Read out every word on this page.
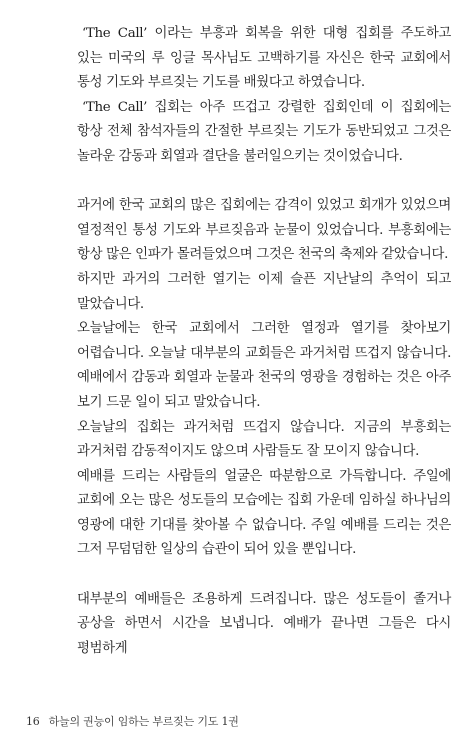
‘The Call’ 이라는 부흥과 회복을 위한 대형 집회를 주도하고 있는 미국의 루 잉글 목사님도 고백하기를 자신은 한국 교회에서 통성 기도와 부르짖는 기도를 배웠다고 하였습니다.

‘The Call’ 집회는 아주 뜨겁고 강렬한 집회인데 이 집회에는 항상 전체 참석자들의 간절한 부르짖는 기도가 동반되었고 그것은 놀라운 감동과 회열과 결단을 불러일으키는 것이었습니다.

과거에 한국 교회의 많은 집회에는 감격이 있었고 회개가 있었으며 열정적인 통성 기도와 부르짖음과 눈물이 있었습니다. 부흥회에는 항상 많은 인파가 몰려들었으며 그것은 천국의 축제와 같았습니다.

하지만 과거의 그러한 열기는 이제 슬픈 지난날의 추억이 되고 말았습니다.

오늘날에는 한국 교회에서 그러한 열정과 열기를 찾아보기 어렵습니다. 오늘날 대부분의 교회들은 과거처럼 뜨겁지 않습니다. 예배에서 감동과 회열과 눈물과 천국의 영광을 경험하는 것은 아주 보기 드문 일이 되고 말았습니다.

오늘날의 집회는 과거처럼 뜨겁지 않습니다. 지금의 부흥회는 과거처럼 감동적이지도 않으며 사람들도 잘 모이지 않습니다.

예배를 드리는 사람들의 얼굴은 따분함으로 가득합니다. 주일에 교회에 오는 많은 성도들의 모습에는 집회 가운데 임하실 하나님의 영광에 대한 기대를 찾아볼 수 없습니다. 주일 예배를 드리는 것은 그저 무덤덤한 일상의 습관이 되어 있을 뿐입니다.

대부분의 예배들은 조용하게 드려집니다. 많은 성도들이 졸거나 공상을 하면서 시간을 보냅니다. 예배가 끝나면 그들은 다시 평범하게

16 하늘의 권능이 임하는 부르짖는 기도 1권
